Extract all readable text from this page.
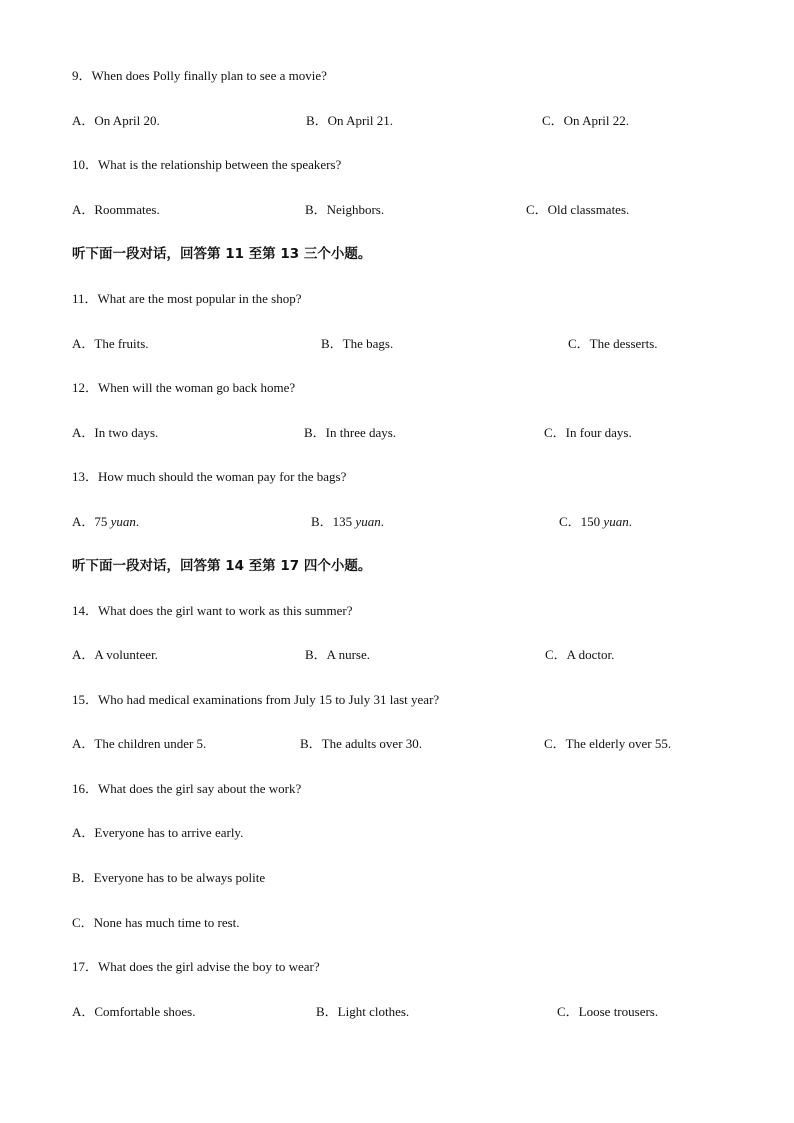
9．When does Polly finally plan to see a movie?
A．On April 20.	B．On April 21.	C．On April 22.
10．What is the relationship between the speakers?
A．Roommates.	B．Neighbors.	C．Old classmates.
听下面一段对话，回答第 11 至第 13 三个小题。
11．What are the most popular in the shop?
A．The fruits.	B．The bags.	C．The desserts.
12．When will the woman go back home?
A．In two days.	B．In three days.	C．In four days.
13．How much should the woman pay for the bags?
A．75 yuan.	B．135 yuan.	C．150 yuan.
听下面一段对话，回答第 14 至第 17 四个小题。
14．What does the girl want to work as this summer?
A．A volunteer.	B．A nurse.	C．A doctor.
15．Who had medical examinations from July 15 to July 31 last year?
A．The children under 5.	B．The adults over 30.	C．The elderly over 55.
16．What does the girl say about the work?
A．Everyone has to arrive early.
B．Everyone has to be always polite
C．None has much time to rest.
17．What does the girl advise the boy to wear?
A．Comfortable shoes.	B．Light clothes.	C．Loose trousers.
